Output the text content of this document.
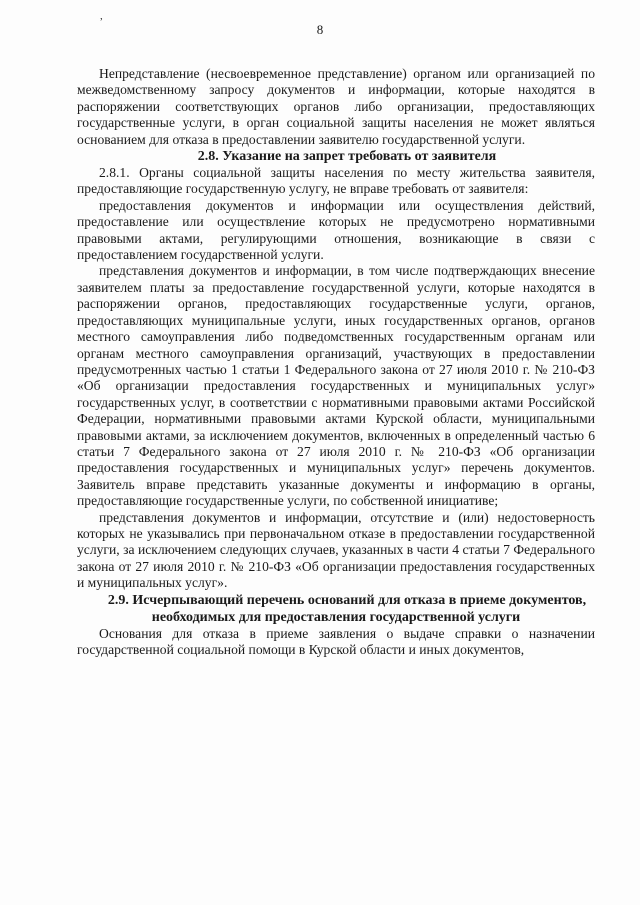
,
8

Непредставление (несвоевременное представление) органом или организацией по межведомственному запросу документов и информации, которые находятся в распоряжении соответствующих органов либо организации, предоставляющих государственные услуги, в орган социальной защиты населения не может являться основанием для отказа в предоставлении заявителю государственной услуги.

2.8. Указание на запрет требовать от заявителя

2.8.1. Органы социальной защиты населения по месту жительства заявителя, предоставляющие государственную услугу, не вправе требовать от заявителя:

предоставления документов и информации или осуществления действий, предоставление или осуществление которых не предусмотрено нормативными правовыми актами, регулирующими отношения, возникающие в связи с предоставлением государственной услуги.

представления документов и информации, в том числе подтверждающих внесение заявителем платы за предоставление государственной услуги, которые находятся в распоряжении органов, предоставляющих государственные услуги, органов, предоставляющих муниципальные услуги, иных государственных органов, органов местного самоуправления либо подведомственных государственным органам или органам местного самоуправления организаций, участвующих в предоставлении предусмотренных частью 1 статьи 1 Федерального закона от 27 июля 2010 г. № 210-ФЗ «Об организации предоставления государственных и муниципальных услуг» государственных услуг, в соответствии с нормативными правовыми актами Российской Федерации, нормативными правовыми актами Курской области, муниципальными правовыми актами, за исключением документов, включенных в определенный частью 6 статьи 7 Федерального закона от 27 июля 2010 г. № 210-ФЗ «Об организации предоставления государственных и муниципальных услуг» перечень документов. Заявитель вправе представить указанные документы и информацию в органы, предоставляющие государственные услуги, по собственной инициативе;

представления документов и информации, отсутствие и (или) недостоверность которых не указывались при первоначальном отказе в предоставлении государственной услуги, за исключением следующих случаев, указанных в части 4 статьи 7 Федерального закона от 27 июля 2010 г. № 210-ФЗ «Об организации предоставления государственных и муниципальных услуг».

2.9. Исчерпывающий перечень оснований для отказа в приеме документов, необходимых для предоставления государственной услуги

Основания для отказа в приеме заявления о выдаче справки о назначении государственной социальной помощи в Курской области и иных документов,
